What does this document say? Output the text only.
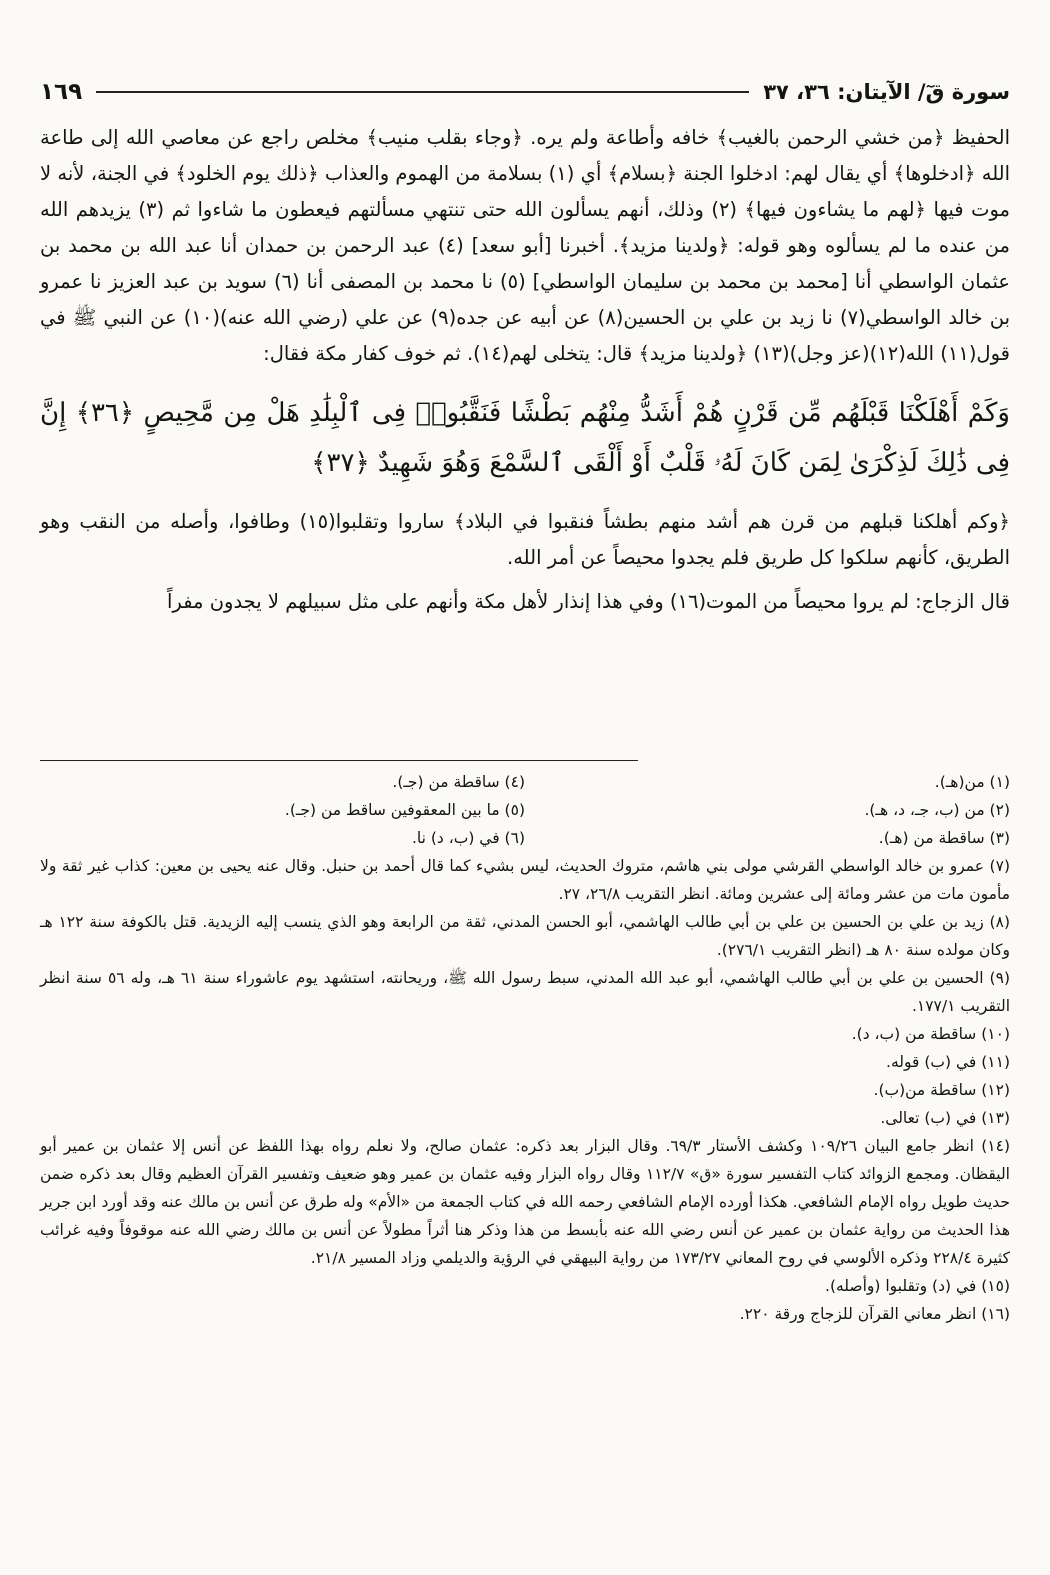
سورة قٓ/ الآيتان: ٣٦، ٣٧
١٦٩

الحفيظ ﴿من خشي الرحمن بالغيب﴾ خافه وأطاعة ولم يره. ﴿وجاء بقلب منيب﴾ مخلص راجع عن معاصي الله إلى طاعة الله ﴿ادخلوها﴾ أي يقال لهم: ادخلوا الجنة ﴿بسلام﴾ أي (١) بسلامة من الهموم والعذاب ﴿ذلك يوم الخلود﴾ في الجنة، لأنه لا موت فيها ﴿لهم ما يشاءون فيها﴾ (٢) وذلك، أنهم يسألون الله حتى تنتهي مسألتهم فيعطون ما شاءوا ثم (٣) يزيدهم الله من عنده ما لم يسألوه وهو قوله: ﴿ولدينا مزيد﴾. أخبرنا [أبو سعد] (٤) عبد الرحمن بن حمدان أنا عبد الله بن محمد بن عثمان الواسطي أنا [محمد بن محمد بن سليمان الواسطي] (٥) نا محمد بن المصفى أنا (٦) سويد بن عبد العزيز نا عمرو بن خالد الواسطي(٧) نا زيد بن علي بن الحسين(٨) عن أبيه عن جده(٩) عن علي (رضي الله عنه)(١٠) عن النبي ﷺ في قول(١١) الله(١٢)(عز وجل)(١٣) ﴿ولدينا مزيد﴾ قال: يتخلى لهم(١٤). ثم خوف كفار مكة فقال:

وَكَمْ أَهْلَكْنَا قَبْلَهُم مِّن قَرْنٍ هُمْ أَشَدُّ مِنْهُم بَطْشًا فَنَقَّبُوا۟ فِى ٱلْبِلَٰدِ هَلْ مِن مَّحِيصٍ ﴿٣٦﴾ إِنَّ فِى ذَٰلِكَ لَذِكْرَىٰ لِمَن كَانَ لَهُۥ قَلْبٌ أَوْ أَلْقَى ٱلسَّمْعَ وَهُوَ شَهِيدٌ ﴿٣٧﴾

﴿وكم أهلكنا قبلهم من قرن هم أشد منهم بطشاً فنقبوا في البلاد﴾ ساروا وتقلبوا(١٥) وطافوا، وأصله من النقب وهو الطريق، كأنهم سلكوا كل طريق فلم يجدوا محيصاً عن أمر الله.

قال الزجاج: لم يروا محيصاً من الموت(١٦) وفي هذا إنذار لأهل مكة وأنهم على مثل سبيلهم لا يجدون مفراً

(١) من(هـ).

(٢) من (ب، جـ، د، هـ).

(٣) ساقطة من (هـ).

(٤) ساقطة من (جـ).

(٥) ما بين المعقوفين ساقط من (جـ).

(٦) في (ب، د) نا.

(٧) عمرو بن خالد الواسطي القرشي مولى بني هاشم، متروك الحديث، ليس بشيء كما قال أحمد بن حنبل. وقال عنه يحيى بن معين: كذاب غير ثقة ولا مأمون مات من عشر ومائة إلى عشرين ومائة. انظر التقريب ٢٦/٨، ٢٧.

(٨) زيد بن علي بن الحسين بن علي بن أبي طالب الهاشمي، أبو الحسن المدني، ثقة من الرابعة وهو الذي ينسب إليه الزيدية. قتل بالكوفة سنة ١٢٢ هـ وكان مولده سنة ٨٠ هـ (انظر التقريب ٢٧٦/١).

(٩) الحسين بن علي بن أبي طالب الهاشمي، أبو عبد الله المدني، سبط رسول الله ﷺ، وريحانته، استشهد يوم عاشوراء سنة ٦١ هـ، وله ٥٦ سنة انظر التقريب ١٧٧/١.

(١٠) ساقطة من (ب، د).

(١١) في (ب) قوله.

(١٢) ساقطة من(ب).

(١٣) في (ب) تعالى.

(١٤) انظر جامع البيان ١٠٩/٢٦ وكشف الأستار ٦٩/٣. وقال البزار بعد ذكره: عثمان صالح، ولا نعلم رواه بهذا اللفظ عن أنس إلا عثمان بن عمير أبو اليقظان. ومجمع الزوائد كتاب التفسير سورة «ق» ١١٢/٧ وقال رواه البزار وفيه عثمان بن عمير وهو ضعيف وتفسير القرآن العظيم وقال بعد ذكره ضمن حديث طويل رواه الإمام الشافعي. هكذا أورده الإمام الشافعي رحمه الله في كتاب الجمعة من «الأم» وله طرق عن أنس بن مالك عنه وقد أورد ابن جرير هذا الحديث من رواية عثمان بن عمير عن أنس رضي الله عنه بأبسط من هذا وذكر هنا أثراً مطولاً عن أنس بن مالك رضي الله عنه موقوفاً وفيه غرائب كثيرة ٢٢٨/٤ وذكره الألوسي في روح المعاني ١٧٣/٢٧ من رواية البيهقي في الرؤية والديلمي وزاد المسير ٢١/٨.

(١٥) في (د) وتقلبوا (وأصله).

(١٦) انظر معاني القرآن للزجاج ورقة ٢٢٠.
